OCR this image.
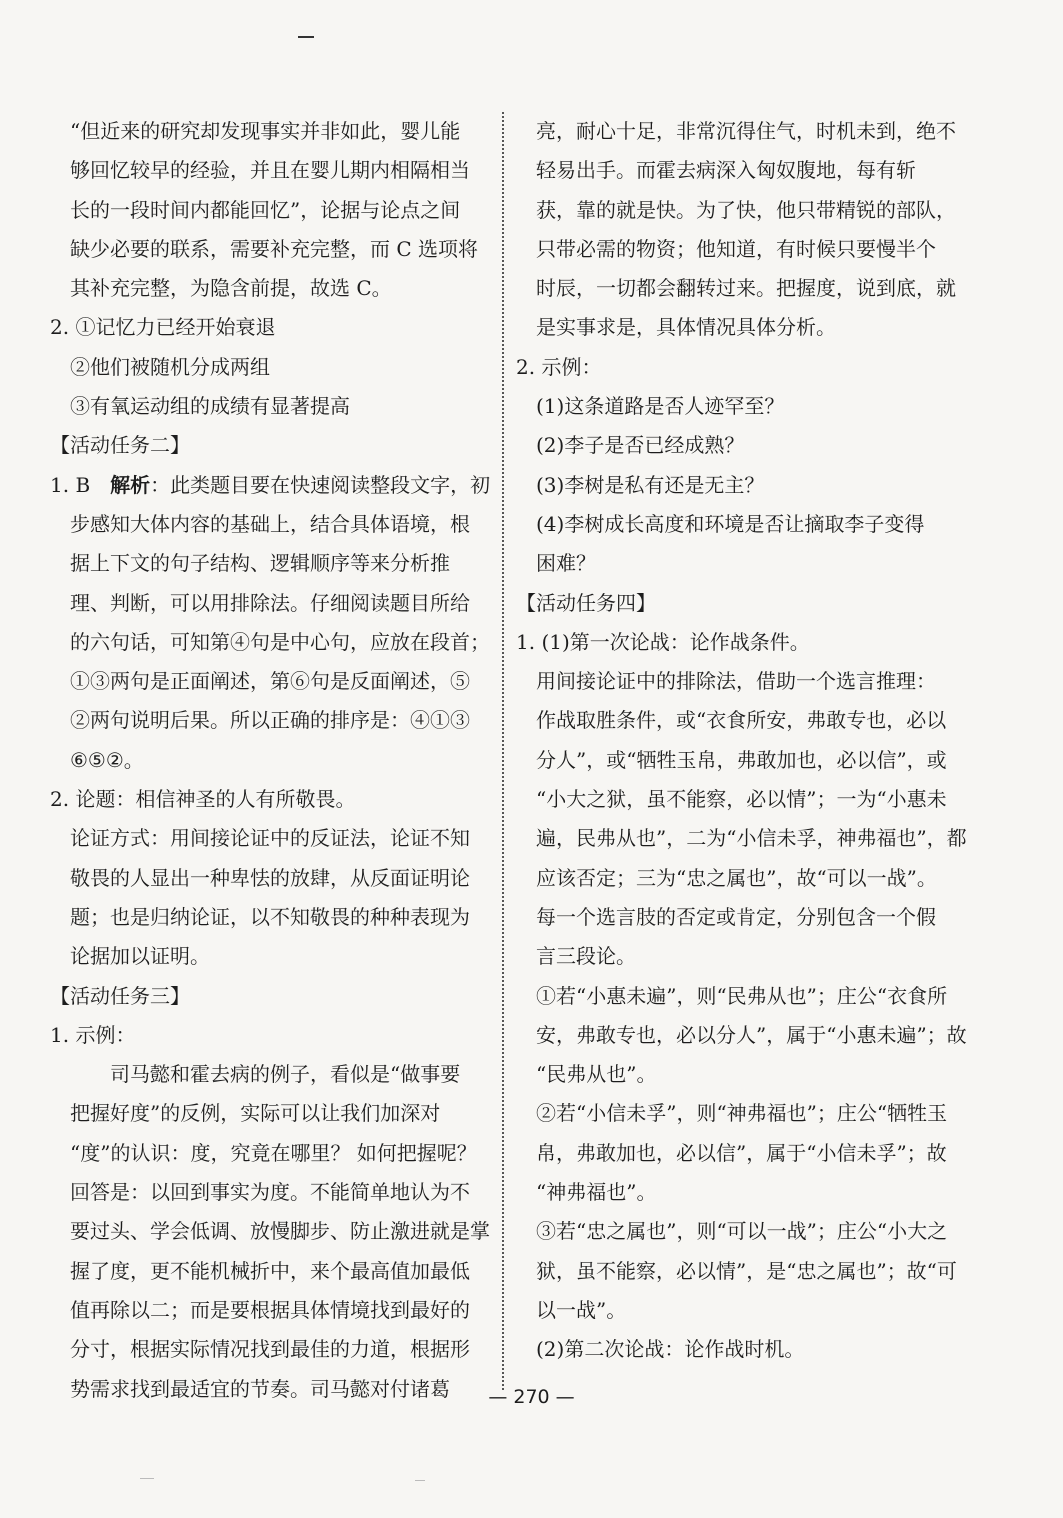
“但近来的研究却发现事实并非如此，婴儿能
够回忆较早的经验，并且在婴儿期内相隔相当
长的一段时间内都能回忆”，论据与论点之间
缺少必要的联系，需要补充完整，而 C 选项将
其补充完整，为隐含前提，故选 C。
2. ①记忆力已经开始衰退
②他们被随机分成两组
③有氧运动组的成绩有显著提高
【活动任务二】
1. B　解析：此类题目要在快速阅读整段文字，初
步感知大体内容的基础上，结合具体语境，根
据上下文的句子结构、逻辑顺序等来分析推
理、判断，可以用排除法。仔细阅读题目所给
的六句话，可知第④句是中心句，应放在段首；
①③两句是正面阐述，第⑥句是反面阐述，⑤
②两句说明后果。所以正确的排序是：④①③
⑥⑤②。
2. 论题：相信神圣的人有所敬畏。
论证方式：用间接论证中的反证法，论证不知
敬畏的人显出一种卑怯的放肆，从反面证明论
题；也是归纳论证，以不知敬畏的种种表现为
论据加以证明。
【活动任务三】
1. 示例：
司马懿和霍去病的例子，看似是“做事要
把握好度”的反例，实际可以让我们加深对
“度”的认识：度，究竟在哪里？ 如何把握呢？
回答是：以回到事实为度。不能简单地认为不
要过头、学会低调、放慢脚步、防止激进就是掌
握了度，更不能机械折中，来个最高值加最低
值再除以二；而是要根据具体情境找到最好的
分寸，根据实际情况找到最佳的力道，根据形
势需求找到最适宜的节奏。司马懿对付诸葛
亮，耐心十足，非常沉得住气，时机未到，绝不
轻易出手。而霍去病深入匈奴腹地，每有斩
获，靠的就是快。为了快，他只带精锐的部队，
只带必需的物资；他知道，有时候只要慢半个
时辰，一切都会翻转过来。把握度，说到底，就
是实事求是，具体情况具体分析。
2. 示例：
(1)这条道路是否人迹罕至？
(2)李子是否已经成熟？
(3)李树是私有还是无主？
(4)李树成长高度和环境是否让摘取李子变得
困难？
【活动任务四】
1. (1)第一次论战：论作战条件。
用间接论证中的排除法，借助一个选言推理：
作战取胜条件，或“衣食所安，弗敢专也，必以
分人”，或“牺牲玉帛，弗敢加也，必以信”，或
“小大之狱，虽不能察，必以情”；一为“小惠未
遍，民弗从也”，二为“小信未孚，神弗福也”，都
应该否定；三为“忠之属也”，故“可以一战”。
每一个选言肢的否定或肯定，分别包含一个假
言三段论。
①若“小惠未遍”，则“民弗从也”；庄公“衣食所
安，弗敢专也，必以分人”，属于“小惠未遍”；故
“民弗从也”。
②若“小信未孚”，则“神弗福也”；庄公“牺牲玉
帛，弗敢加也，必以信”，属于“小信未孚”；故
“神弗福也”。
③若“忠之属也”，则“可以一战”；庄公“小大之
狱，虽不能察，必以情”，是“忠之属也”；故“可
以一战”。
(2)第二次论战：论作战时机。
— 270 —
